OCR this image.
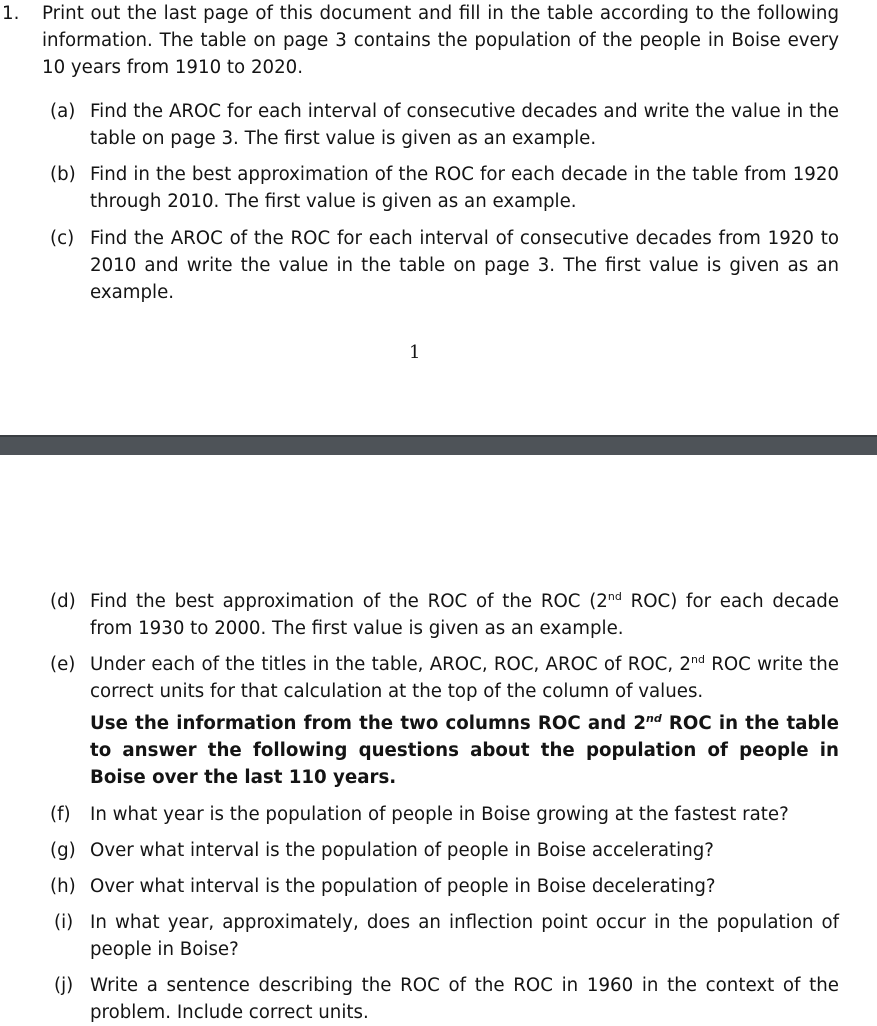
1. Print out the last page of this document and fill in the table according to the following information. The table on page 3 contains the population of the people in Boise every 10 years from 1910 to 2020.

(a) Find the AROC for each interval of consecutive decades and write the value in the table on page 3. The first value is given as an example.

(b) Find in the best approximation of the ROC for each decade in the table from 1920 through 2010. The first value is given as an example.

(c) Find the AROC of the ROC for each interval of consecutive decades from 1920 to 2010 and write the value in the table on page 3. The first value is given as an example.

1
(d) Find the best approximation of the ROC of the ROC (2nd ROC) for each decade from 1930 to 2000. The first value is given as an example.

(e) Under each of the titles in the table, AROC, ROC, AROC of ROC, 2nd ROC write the correct units for that calculation at the top of the column of values.

Use the information from the two columns ROC and 2nd ROC in the table to answer the following questions about the population of people in Boise over the last 110 years.

(f) In what year is the population of people in Boise growing at the fastest rate?

(g) Over what interval is the population of people in Boise accelerating?

(h) Over what interval is the population of people in Boise decelerating?

(i) In what year, approximately, does an inflection point occur in the population of people in Boise?

(j) Write a sentence describing the ROC of the ROC in 1960 in the context of the problem. Include correct units.
